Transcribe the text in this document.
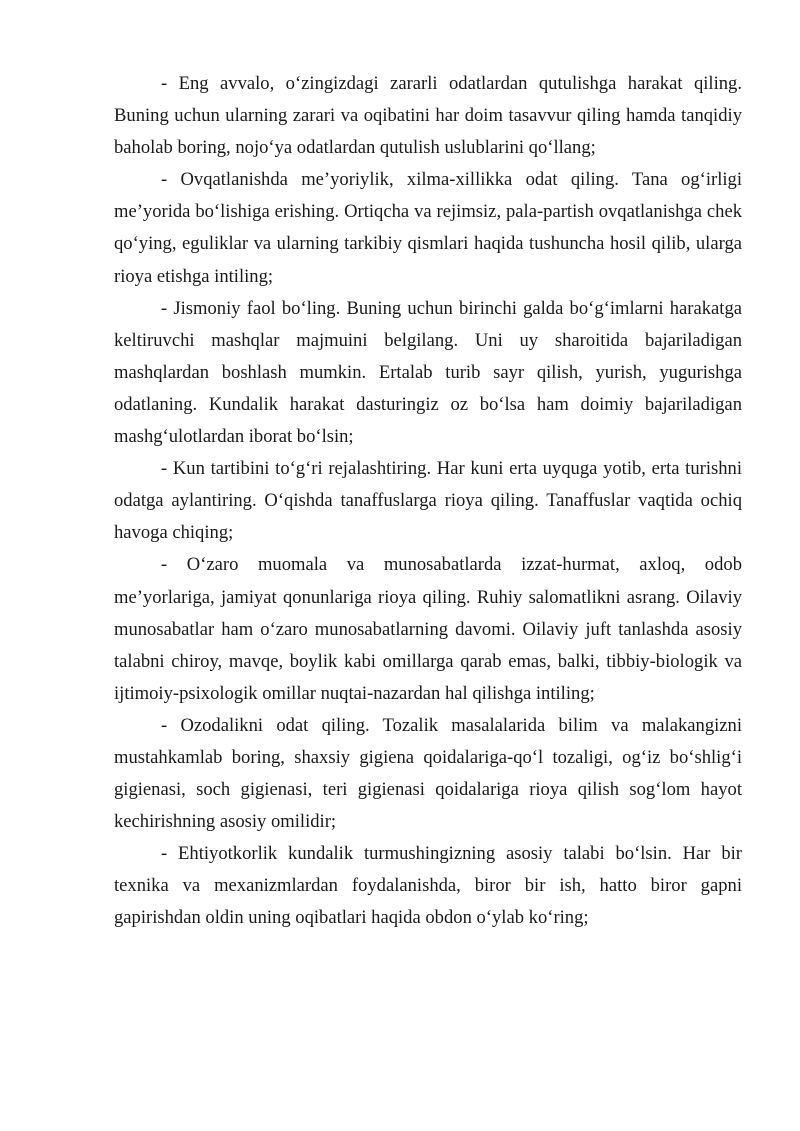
- Eng avvalo, o‘zingizdagi zararli odatlardan qutulishga harakat qiling. Buning uchun ularning zarari va oqibatini har doim tasavvur qiling hamda tanqidiy baholab boring, nojo‘ya odatlardan qutulish uslublarini qo‘llang;

- Ovqatlanishda me’yoriylik, xilma-xillikka odat qiling. Tana og‘irligi me’yorida bo‘lishiga erishing. Ortiqcha va rejimsiz, pala-partish ovqatlanishga chek qo‘ying, eguliklar va ularning tarkibiy qismlari haqida tushuncha hosil qilib, ularga rioya etishga intiling;

- Jismoniy faol bo‘ling. Buning uchun birinchi galda bo‘g‘imlarni harakatga keltiruvchi mashqlar majmuini belgilang. Uni uy sharoitida bajariladigan mashqlardan boshlash mumkin. Ertalab turib sayr qilish, yurish, yugurishga odatlaning. Kundalik harakat dasturingiz oz bo‘lsa ham doimiy bajariladigan mashg‘ulotlardan iborat bo‘lsin;

- Kun tartibini to‘g‘ri rejalashtiring. Har kuni erta uyquga yotib, erta turishni odatga aylantiring. O‘qishda tanaffuslarga rioya qiling. Tanaffuslar vaqtida ochiq havoga chiqing;

- O‘zaro muomala va munosabatlarda izzat-hurmat, axloq, odob me’yorlariga, jamiyat qonunlariga rioya qiling. Ruhiy salomatlikni asrang. Oilaviy munosabatlar ham o‘zaro munosabatlarning davomi. Oilaviy juft tanlashda asosiy talabni chiroy, mavqe, boylik kabi omillarga qarab emas, balki, tibbiy-biologik va ijtimoiy-psixologik omillar nuqtai-nazardan hal qilishga intiling;

- Ozodalikni odat qiling. Tozalik masalalarida bilim va malakangizni mustahkamlab boring, shaxsiy gigiena qoidalariga-qo‘l tozaligi, og‘iz bo‘shlig‘i gigienasi, soch gigienasi, teri gigienasi qoidalariga rioya qilish sog‘lom hayot kechirishning asosiy omilidir;

- Ehtiyotkorlik kundalik turmushingizning asosiy talabi bo‘lsin. Har bir texnika va mexanizmlardan foydalanishda, biror bir ish, hatto biror gapni gapirishdan oldin uning oqibatlari haqida obdon o‘ylab ko‘ring;
